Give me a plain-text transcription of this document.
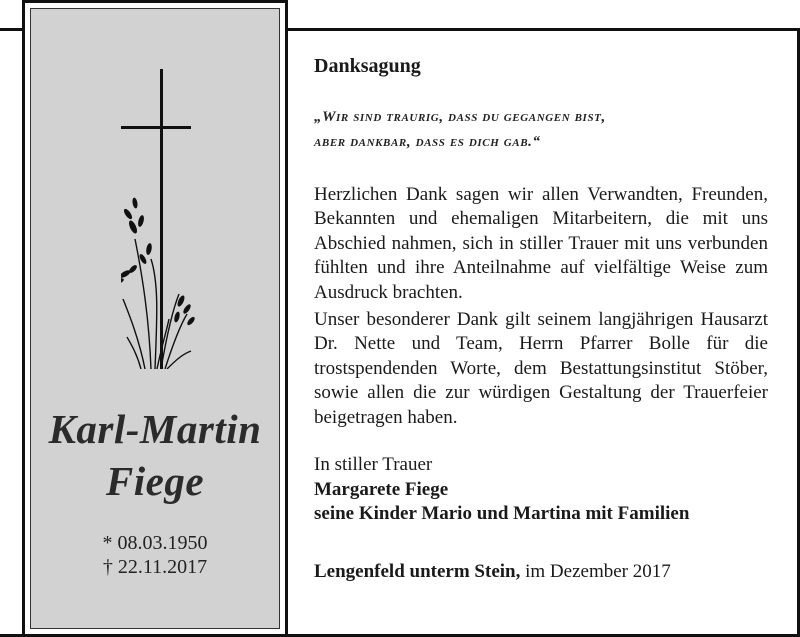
Karl-Martin
Fiege
* 08.03.1950
† 22.11.2017
Danksagung
„Wir sind traurig, dass du gegangen bist,
aber dankbar, dass es dich gab.“

Herzlichen Dank sagen wir allen Verwandten, Freunden, Bekannten und ehemaligen Mitarbeitern, die mit uns Abschied nahmen, sich in stiller Trauer mit uns verbunden fühlten und ihre Anteilnahme auf vielfältige Weise zum Ausdruck brachten.

Unser besonderer Dank gilt seinem langjährigen Hausarzt Dr. Nette und Team, Herrn Pfarrer Bolle für die trostspendenden Worte, dem Bestattungsinstitut Stöber, sowie allen die zur würdigen Gestaltung der Trauerfeier beigetragen haben.

In stiller Trauer
Margarete Fiege
seine Kinder Mario und Martina mit Familien
Lengenfeld unterm Stein, im Dezember 2017
